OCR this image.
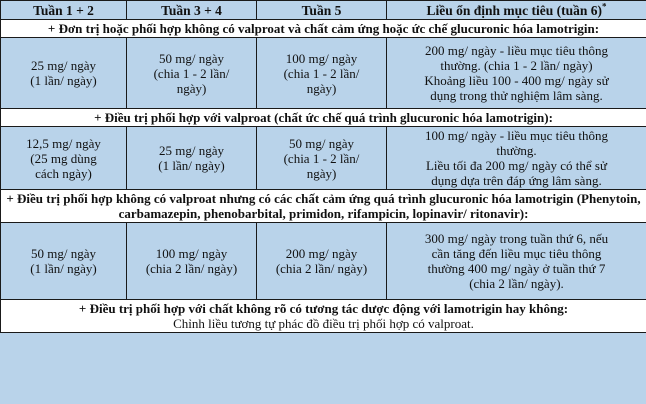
Tuần 1 + 2	Tuần 3 + 4	Tuần 5	Liều ổn định mục tiêu (tuần 6)*
+ Đơn trị hoặc phối hợp không có valproat và chất cảm ứng hoặc ức chế glucuronic hóa lamotrigin:			

25 mg/ ngày
(1 lần/ ngày)	50 mg/ ngày
(chia 1 - 2 lần/
ngày)	100 mg/ ngày
(chia 1 - 2 lần/
ngày)	200 mg/ ngày - liều mục tiêu thông
thường. (chia 1 - 2 lần/ ngày)
Khoảng liều 100 - 400 mg/ ngày sử
dụng trong thử nghiệm lâm sàng.

+ Điều trị phối hợp với valproat (chất ức chế quá trình glucuronic hóa lamotrigin):			

12,5 mg/ ngày
(25 mg dùng
cách ngày)	25 mg/ ngày
(1 lần/ ngày)	50 mg/ ngày
(chia 1 - 2 lần/
ngày)	100 mg/ ngày - liều mục tiêu thông
thường.
Liều tối đa 200 mg/ ngày có thể sử
dụng dựa trên đáp ứng lâm sàng.

+ Điều trị phối hợp không có valproat nhưng có các chất cảm ứng quá trình glucuronic hóa lamotrigin (Phenytoin, carbamazepin, phenobarbital, primidon, rifampicin, lopinavir/ ritonavir):			

50 mg/ ngày
(1 lần/ ngày)	100 mg/ ngày
(chia 2 lần/ ngày)	200 mg/ ngày
(chia 2 lần/ ngày)	300 mg/ ngày trong tuần thứ 6, nếu
cần tăng đến liều mục tiêu thông
thường 400 mg/ ngày ở tuần thứ 7
(chia 2 lần/ ngày).

+ Điều trị phối hợp với chất không rõ có tương tác dược động với lamotrigin hay không:
Chỉnh liều tương tự phác đồ điều trị phối hợp có valproat.			
